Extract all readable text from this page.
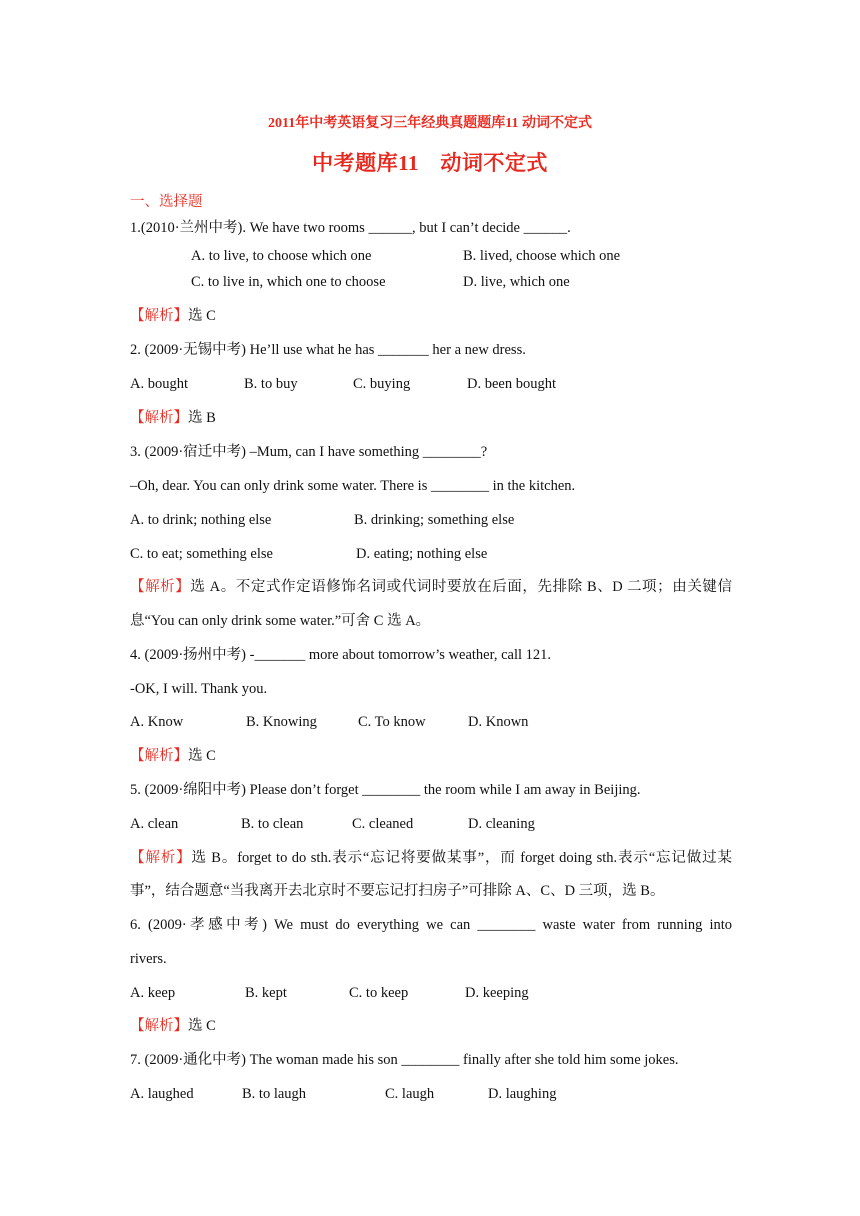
2011年中考英语复习三年经典真题题库11 动词不定式
中考题库11　动词不定式
一、选择题
1.(2010·兰州中考). We have two rooms ______, but I can’t decide ______.
A. to live, to choose which one	B. lived, choose which one
C. to live in, which one to choose	D. live, which one
【解析】选 C
2. (2009·无锡中考) He’ll use what he has _______ her a new dress.
A. bought	B. to buy	C. buying	D. been bought
【解析】选 B
3. (2009·宿迁中考) –Mum, can I have something ________?
–Oh, dear. You can only drink some water. There is ________ in the kitchen.
A. to drink; nothing else	B. drinking; something else
C. to eat; something else	D. eating; nothing else
【解析】选 A。不定式作定语修饰名词或代词时要放在后面，先排除 B、D 二项；由关键信
息“You can only drink some water.”可舍 C 选 A。
4. (2009·扬州中考) -_______ more about tomorrow’s weather, call 121.
-OK, I will. Thank you.
A. Know	B. Knowing	C. To know	D. Known
【解析】选 C
5. (2009·绵阳中考) Please don’t forget ________ the room while I am away in Beijing.
A. clean	B. to clean	C. cleaned	D. cleaning
【解析】选 B。forget to do sth.表示“忘记将要做某事”，而 forget doing sth.表示“忘记做过某
事”，结合题意“当我离开去北京时不要忘记打扫房子”可排除 A、C、D 三项，选 B。
6. (2009·孝感中考) We must do everything we can ________ waste water from running into
rivers.
A. keep	B. kept	C. to keep	D. keeping
【解析】选 C
7. (2009·通化中考) The woman made his son ________ finally after she told him some jokes.
A. laughed	B. to laugh	C. laugh	D. laughing
